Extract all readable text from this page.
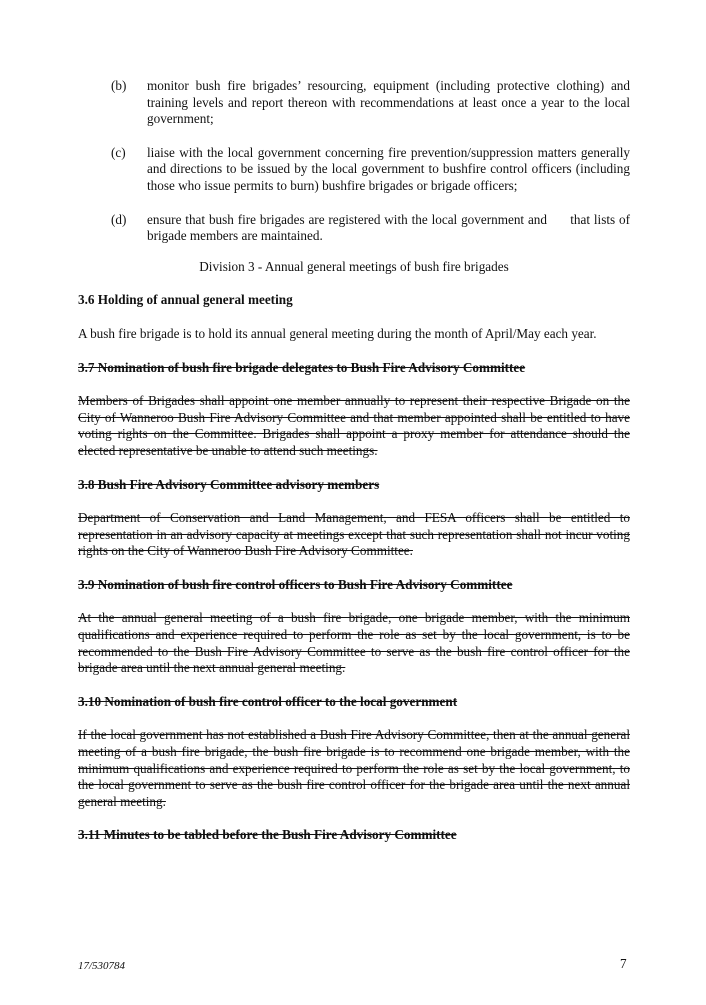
(b)	monitor bush fire brigades’ resourcing, equipment (including protective clothing) and training levels and report thereon with recommendations at least once a year to the local government;
(c)	liaise with the local government concerning fire prevention/suppression matters generally and directions to be issued by the local government to bushfire control officers (including those who issue permits to burn) bushfire brigades or brigade officers;
(d)	ensure that bush fire brigades are registered with the local government and      that lists of brigade members are maintained.
Division 3 - Annual general meetings of bush fire brigades
3.6 Holding of annual general meeting

A bush fire brigade is to hold its annual general meeting during the month of April/May each year.

3.7 Nomination of bush fire brigade delegates to Bush Fire Advisory Committee

Members of Brigades shall appoint one member annually to represent their respective Brigade on the City of Wanneroo Bush Fire Advisory Committee and that member appointed shall be entitled to have voting rights on the Committee. Brigades shall appoint a proxy member for attendance should the elected representative be unable to attend such meetings.

3.8 Bush Fire Advisory Committee advisory members

Department of Conservation and Land Management, and FESA officers shall be entitled to representation in an advisory capacity at meetings except that such representation shall not incur voting rights on the City of Wanneroo Bush Fire Advisory Committee.

3.9 Nomination of bush fire control officers to Bush Fire Advisory Committee

At the annual general meeting of a bush fire brigade, one brigade member, with the minimum qualifications and experience required to perform the role as set by the local government, is to be recommended to the Bush Fire Advisory Committee to serve as the bush fire control officer for the brigade area until the next annual general meeting.

3.10 Nomination of bush fire control officer to the local government

If the local government has not established a Bush Fire Advisory Committee, then at the annual general meeting of a bush fire brigade, the bush fire brigade is to recommend one brigade member, with the minimum qualifications and experience required to perform the role as set by the local government, to the local government to serve as the bush fire control officer for the brigade area until the next annual general meeting.

3.11 Minutes to be tabled before the Bush Fire Advisory Committee
17/530784	7
